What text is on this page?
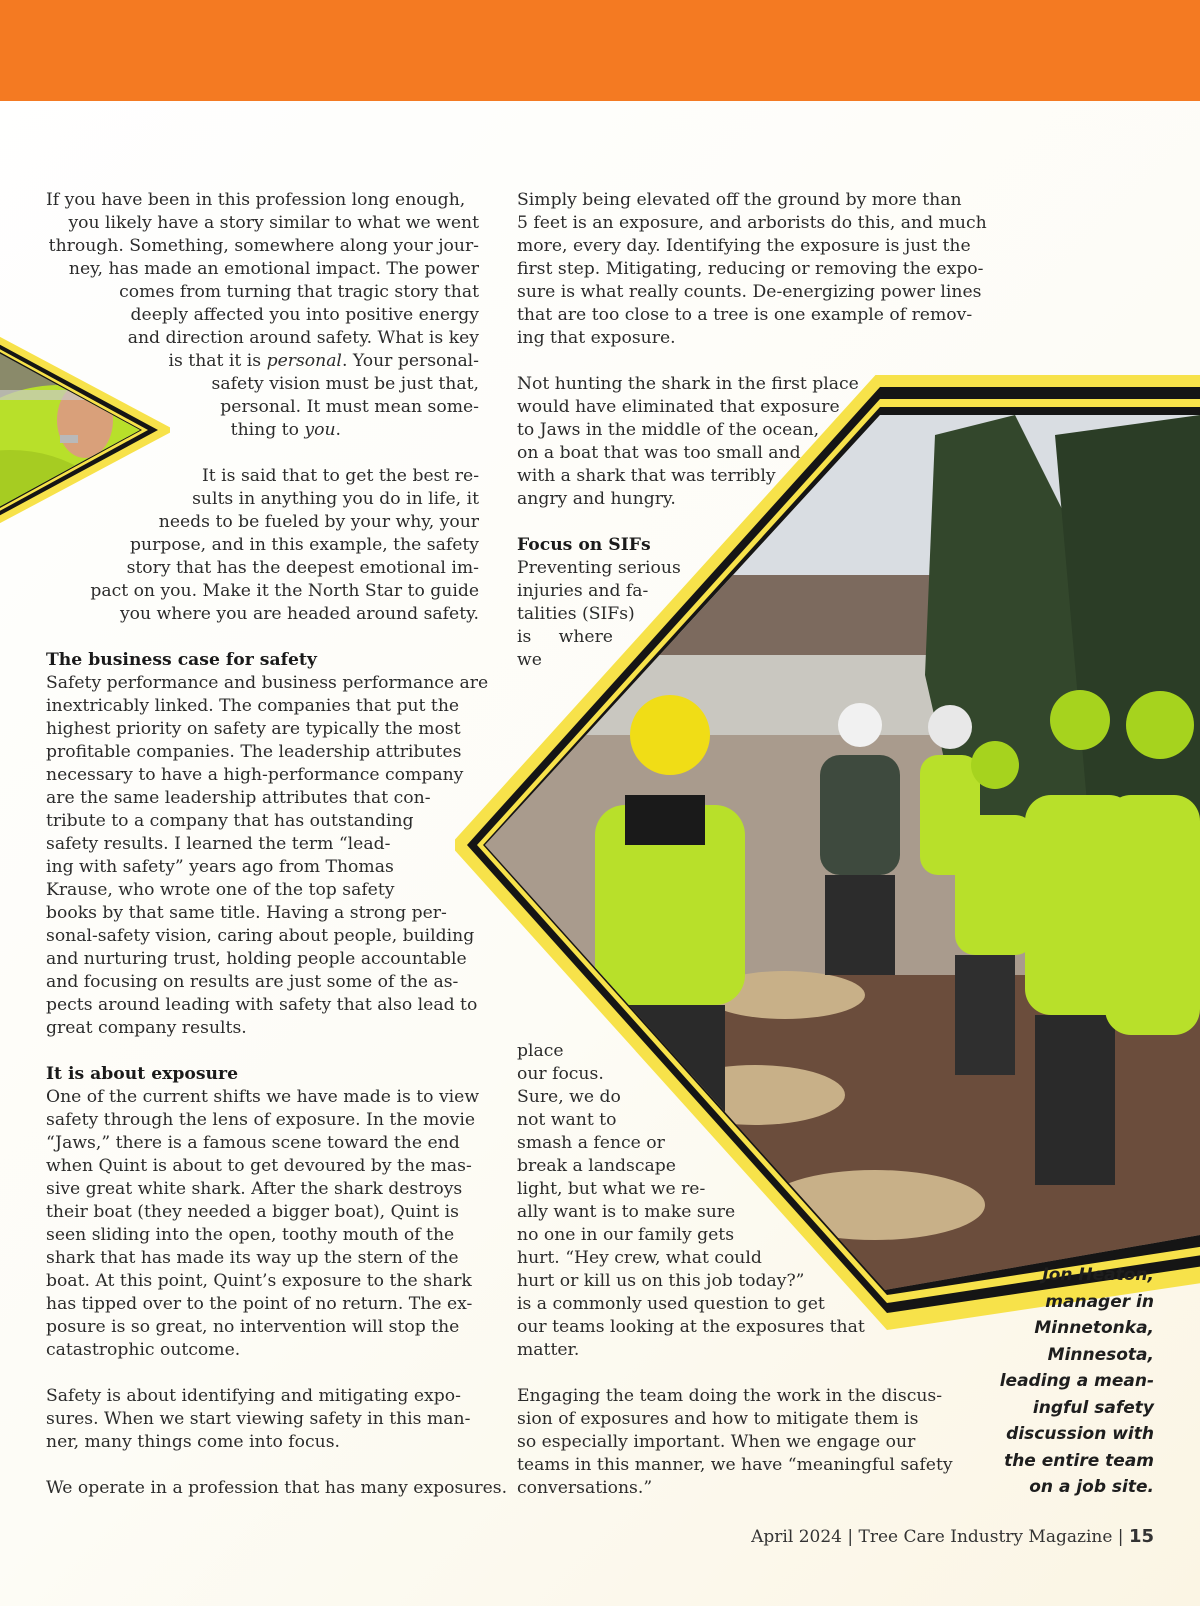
If you have been in this profession long enough,
you likely have a story similar to what we went
through. Something, somewhere along your jour-
ney, has made an emotional impact. The power
comes from turning that tragic story that
deeply affected you into positive energy
and direction around safety. What is key
is that it is personal. Your personal-
safety vision must be just that,
personal. It must mean some-
thing to you.
It is said that to get the best re-
sults in anything you do in life, it
needs to be fueled by your why, your
purpose, and in this example, the safety
story that has the deepest emotional im-
pact on you. Make it the North Star to guide
you where you are headed around safety.
The business case for safety
Safety performance and business performance are
inextricably linked. The companies that put the
highest priority on safety are typically the most
profitable companies. The leadership attributes
necessary to have a high-performance company
are the same leadership attributes that con-
tribute to a company that has outstanding
safety results. I learned the term “lead-
ing with safety” years ago from Thomas
Krause, who wrote one of the top safety
books by that same title. Having a strong per-
sonal-safety vision, caring about people, building
and nurturing trust, holding people accountable
and focusing on results are just some of the as-
pects around leading with safety that also lead to
great company results.
It is about exposure
One of the current shifts we have made is to view
safety through the lens of exposure. In the movie
“Jaws,” there is a famous scene toward the end
when Quint is about to get devoured by the mas-
sive great white shark. After the shark destroys
their boat (they needed a bigger boat), Quint is
seen sliding into the open, toothy mouth of the
shark that has made its way up the stern of the
boat. At this point, Quint’s exposure to the shark
has tipped over to the point of no return. The ex-
posure is so great, no intervention will stop the
catastrophic outcome.
Safety is about identifying and mitigating expo-
sures. When we start viewing safety in this man-
ner, many things come into focus.
We operate in a profession that has many exposures.
Simply being elevated off the ground by more than
5 feet is an exposure, and arborists do this, and much
more, every day. Identifying the exposure is just the
first step. Mitigating, reducing or removing the expo-
sure is what really counts. De-energizing power lines
that are too close to a tree is one example of remov-
ing that exposure.
Not hunting the shark in the first place
would have eliminated that exposure
to Jaws in the middle of the ocean,
on a boat that was too small and
with a shark that was terribly
angry and hungry.
Focus on SIFs
Preventing serious
injuries and fa-
talities (SIFs)
is     where
we
place
our focus.
Sure, we do
not want to
smash a fence or
break a landscape
light, but what we re-
ally want is to make sure
no one in our family gets
hurt. “Hey crew, what could
hurt or kill us on this job today?”
is a commonly used question to get
our teams looking at the exposures that
matter.
Engaging the team doing the work in the discus-
sion of exposures and how to mitigate them is
so especially important. When we engage our
teams in this manner, we have “meaningful safety
conversations.”
Jon Heaton,
manager in
Minnetonka,
Minnesota,
leading a mean-
ingful safety
discussion with
the entire team
on a job site.
April 2024 | Tree Care Industry Magazine | 15
